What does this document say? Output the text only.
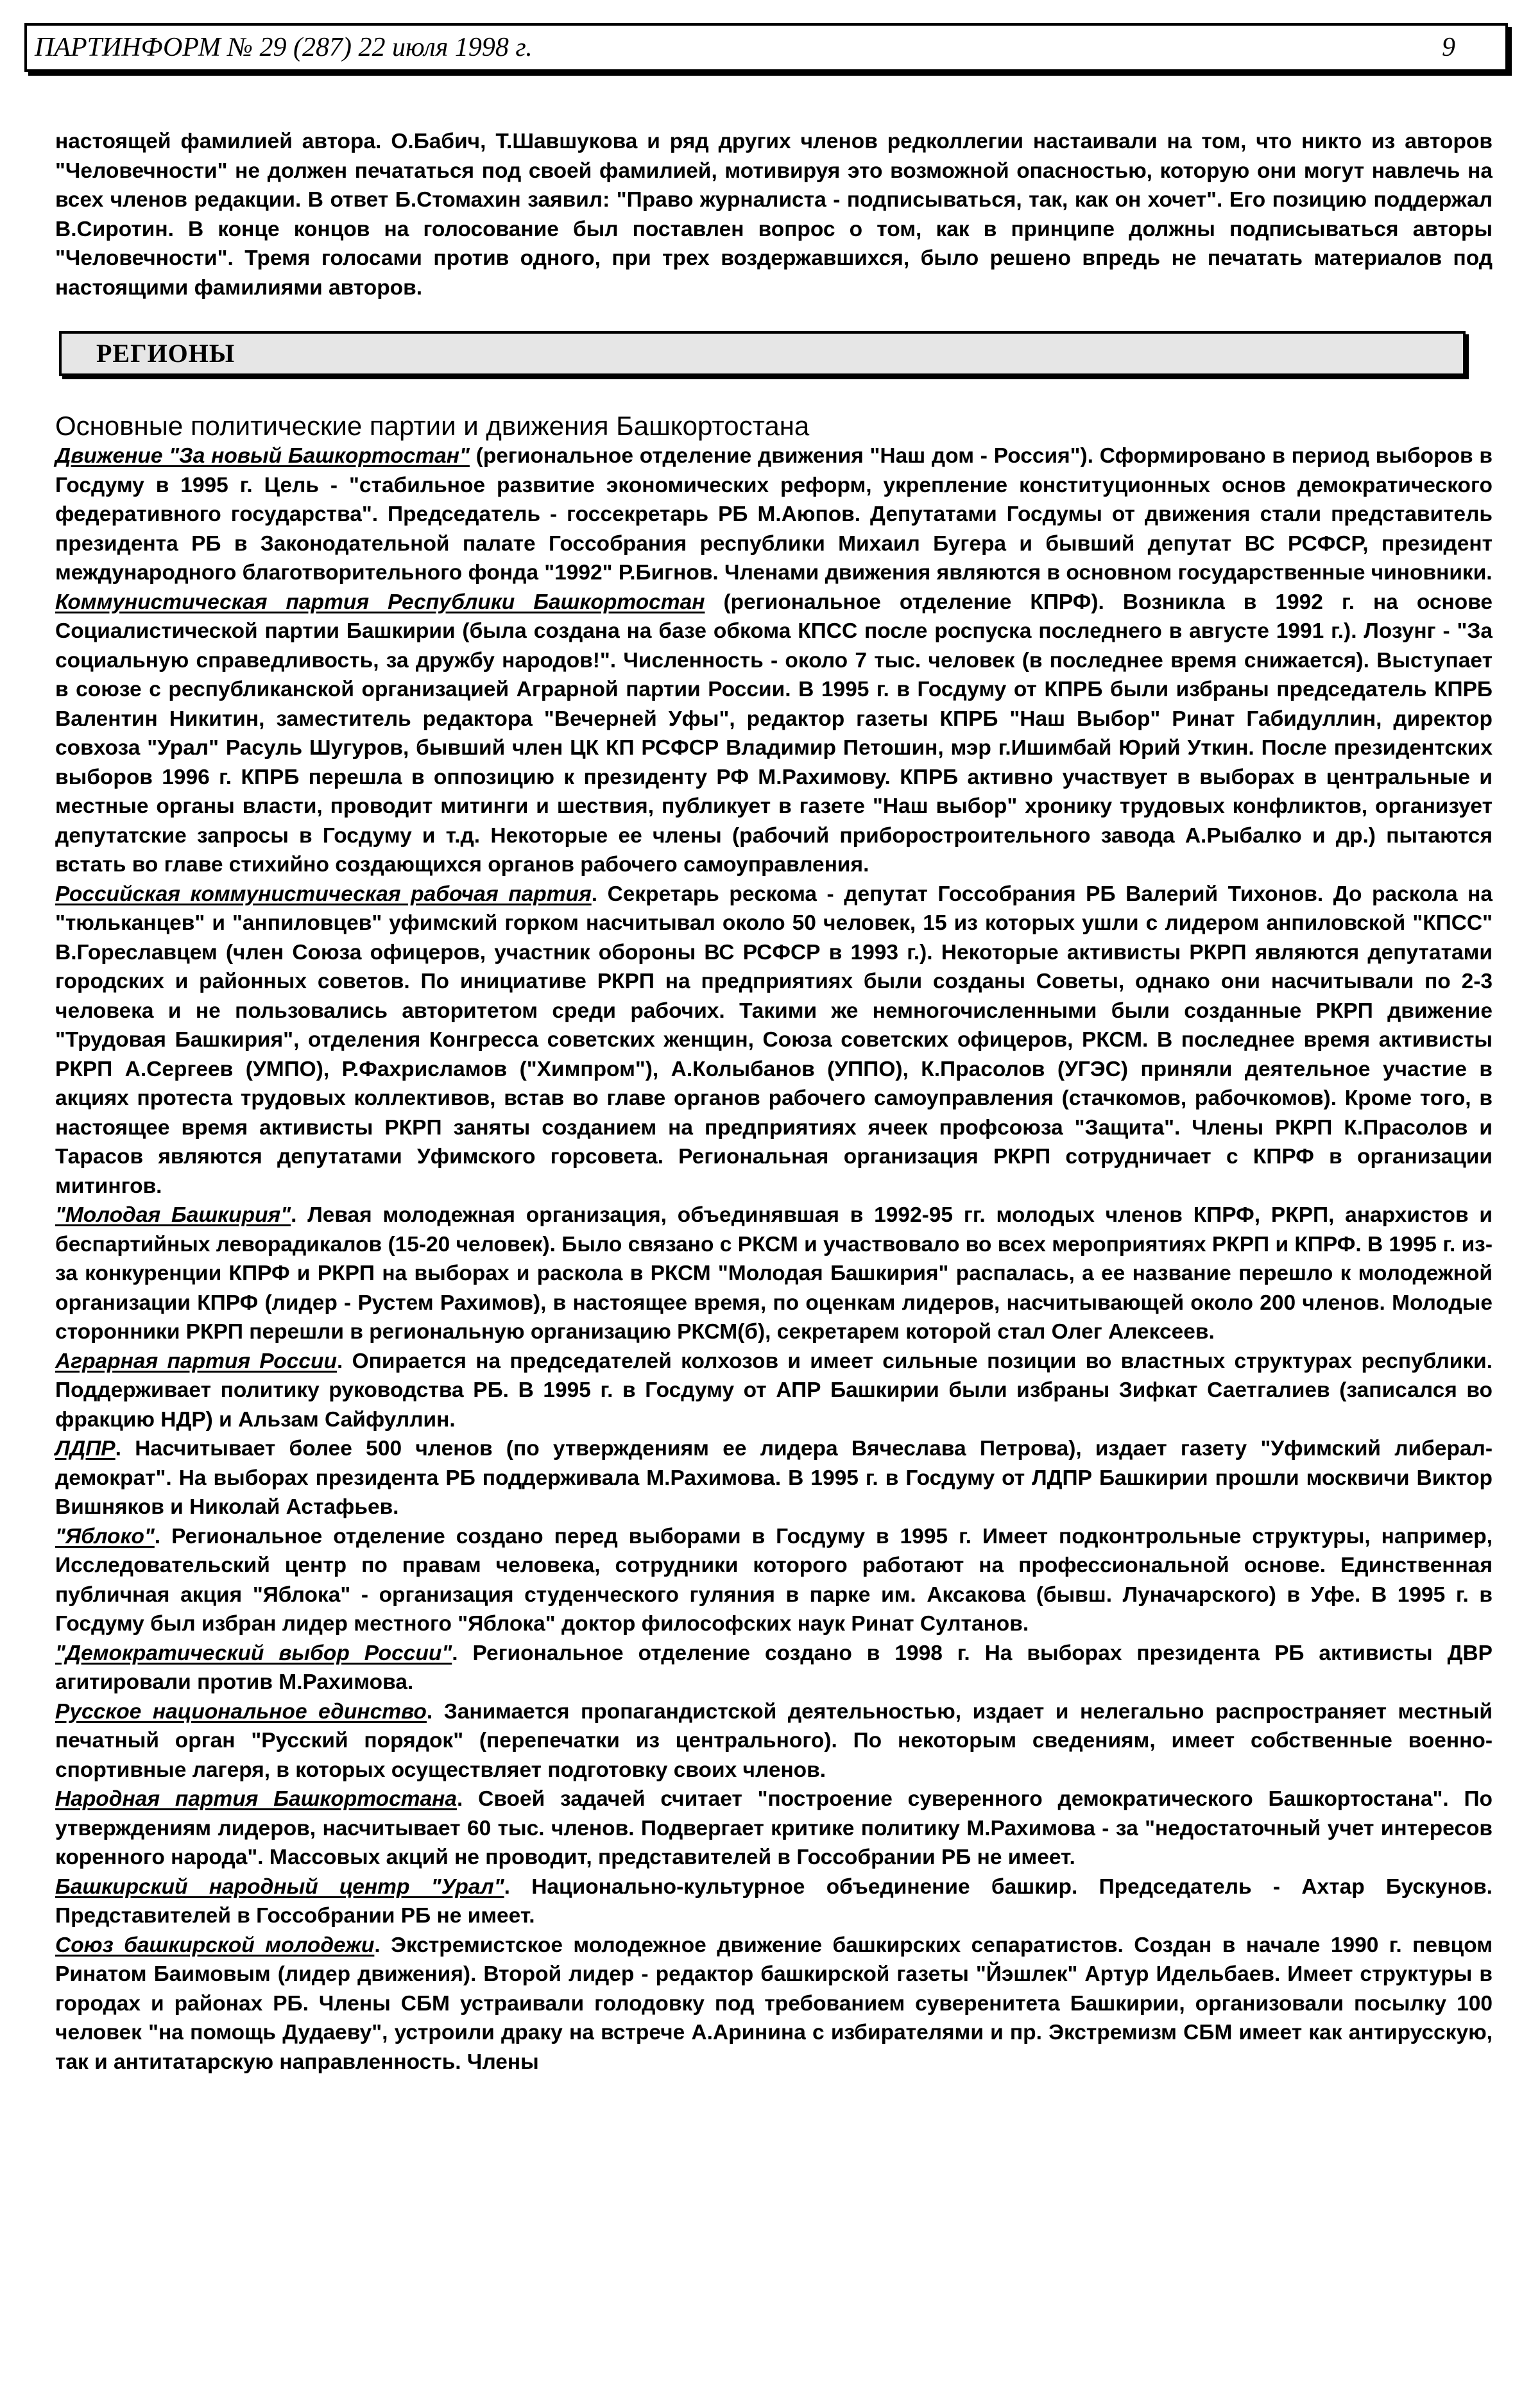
ПАРТИНФОРМ № 29 (287) 22 июля 1998 г.	9
настоящей фамилией автора. О.Бабич, Т.Шавшукова и ряд других членов редколлегии настаивали на том, что никто из авторов "Человечности" не должен печататься под своей фамилией, мотивируя это возможной опасностью, которую они могут навлечь на всех членов редакции. В ответ Б.Стомахин заявил: "Право журналиста - подписываться, так, как он хочет". Его позицию поддержал В.Сиротин. В конце концов на голосование был поставлен вопрос о том, как в принципе должны подписываться авторы "Человечности". Тремя голосами против одного, при трех воздержавшихся, было решено впредь не печатать материалов под настоящими фамилиями авторов.
РЕГИОНЫ
Основные политические партии и движения Башкортостана
Движение "За новый Башкортостан" (региональное отделение движения "Наш дом - Россия"). Сформировано в период выборов в Госдуму в 1995 г. Цель - "стабильное развитие экономических реформ, укрепление конституционных основ демократического федеративного государства". Председатель - госсекретарь РБ М.Аюпов. Депутатами Госдумы от движения стали представитель президента РБ в Законодательной палате Госсобрания республики Михаил Бугера и бывший депутат ВС РСФСР, президент международного благотворительного фонда "1992" Р.Бигнов. Членами движения являются в основном государственные чиновники.
Коммунистическая партия Республики Башкортостан (региональное отделение КПРФ). Возникла в 1992 г. на основе Социалистической партии Башкирии (была создана на базе обкома КПСС после роспуска последнего в августе 1991 г.). Лозунг - "За социальную справедливость, за дружбу народов!". Численность - около 7 тыс. человек (в последнее время снижается). Выступает в союзе с республиканской организацией Аграрной партии России. В 1995 г. в Госдуму от КПРБ были избраны председатель КПРБ Валентин Никитин, заместитель редактора "Вечерней Уфы", редактор газеты КПРБ "Наш Выбор" Ринат Габидуллин, директор совхоза "Урал" Расуль Шугуров, бывший член ЦК КП РСФСР Владимир Петошин, мэр г.Ишимбай Юрий Уткин. После президентских выборов 1996 г. КПРБ перешла в оппозицию к президенту РФ М.Рахимову. КПРБ активно участвует в выборах в центральные и местные органы власти, проводит митинги и шествия, публикует в газете "Наш выбор" хронику трудовых конфликтов, организует депутатские запросы в Госдуму и т.д. Некоторые ее члены (рабочий приборостроительного завода А.Рыбалко и др.) пытаются встать во главе стихийно создающихся органов рабочего самоуправления.
Российская коммунистическая рабочая партия. Секретарь рескома - депутат Госсобрания РБ Валерий Тихонов. До раскола на "тюльканцев" и "анпиловцев" уфимский горком насчитывал около 50 человек, 15 из которых ушли с лидером анпиловской "КПСС" В.Гореславцем (член Союза офицеров, участник обороны ВС РСФСР в 1993 г.). Некоторые активисты РКРП являются депутатами городских и районных советов. По инициативе РКРП на предприятиях были созданы Советы, однако они насчитывали по 2-3 человека и не пользовались авторитетом среди рабочих. Такими же немногочисленными были созданные РКРП движение "Трудовая Башкирия", отделения Конгресса советских женщин, Союза советских офицеров, РКСМ. В последнее время активисты РКРП А.Сергеев (УМПО), Р.Фахрисламов ("Химпром"), А.Колыбанов (УППО), К.Прасолов (УГЭС) приняли деятельное участие в акциях протеста трудовых коллективов, встав во главе органов рабочего самоуправления (стачкомов, рабочкомов). Кроме того, в настоящее время активисты РКРП заняты созданием на предприятиях ячеек профсоюза "Защита". Члены РКРП К.Прасолов и Тарасов являются депутатами Уфимского горсовета. Региональная организация РКРП сотрудничает с КПРФ в организации митингов.
"Молодая Башкирия". Левая молодежная организация, объединявшая в 1992-95 гг. молодых членов КПРФ, РКРП, анархистов и беспартийных леворадикалов (15-20 человек). Было связано с РКСМ и участвовало во всех мероприятиях РКРП и КПРФ. В 1995 г. из-за конкуренции КПРФ и РКРП на выборах и раскола в РКСМ "Молодая Башкирия" распалась, а ее название перешло к молодежной организации КПРФ (лидер - Рустем Рахимов), в настоящее время, по оценкам лидеров, насчитывающей около 200 членов. Молодые сторонники РКРП перешли в региональную организацию РКСМ(б), секретарем которой стал Олег Алексеев.
Аграрная партия России. Опирается на председателей колхозов и имеет сильные позиции во властных структурах республики. Поддерживает политику руководства РБ. В 1995 г. в Госдуму от АПР Башкирии были избраны Зифкат Саетгалиев (записался во фракцию НДР) и Альзам Сайфуллин.
ЛДПР. Насчитывает более 500 членов (по утверждениям ее лидера Вячеслава Петрова), издает газету "Уфимский либерал-демократ". На выборах президента РБ поддерживала М.Рахимова. В 1995 г. в Госдуму от ЛДПР Башкирии прошли москвичи Виктор Вишняков и Николай Астафьев.
"Яблоко". Региональное отделение создано перед выборами в Госдуму в 1995 г. Имеет подконтрольные структуры, например, Исследовательский центр по правам человека, сотрудники которого работают на профессиональной основе. Единственная публичная акция "Яблока" - организация студенческого гуляния в парке им. Аксакова (бывш. Луначарского) в Уфе. В 1995 г. в Госдуму был избран лидер местного "Яблока" доктор философских наук Ринат Султанов.
"Демократический выбор России". Региональное отделение создано в 1998 г. На выборах президента РБ активисты ДВР агитировали против М.Рахимова.
Русское национальное единство. Занимается пропагандистской деятельностью, издает и нелегально распространяет местный печатный орган "Русский порядок" (перепечатки из центрального). По некоторым сведениям, имеет собственные военно-спортивные лагеря, в которых осуществляет подготовку своих членов.
Народная партия Башкортостана. Своей задачей считает "построение суверенного демократического Башкортостана". По утверждениям лидеров, насчитывает 60 тыс. членов. Подвергает критике политику М.Рахимова - за "недостаточный учет интересов коренного народа". Массовых акций не проводит, представителей в Госсобрании РБ не имеет.
Башкирский народный центр "Урал". Национально-культурное объединение башкир. Председатель - Ахтар Бускунов. Представителей в Госсобрании РБ не имеет.
Союз башкирской молодежи. Экстремистское молодежное движение башкирских сепаратистов. Создан в начале 1990 г. певцом Ринатом Баимовым (лидер движения). Второй лидер - редактор башкирской газеты "Йэшлек" Артур Идельбаев. Имеет структуры в городах и районах РБ. Члены СБМ устраивали голодовку под требованием суверенитета Башкирии, организовали посылку 100 человек "на помощь Дудаеву", устроили драку на встрече А.Аринина с избирателями и пр. Экстремизм СБМ имеет как антирусскую, так и антитатарскую направленность. Члены
